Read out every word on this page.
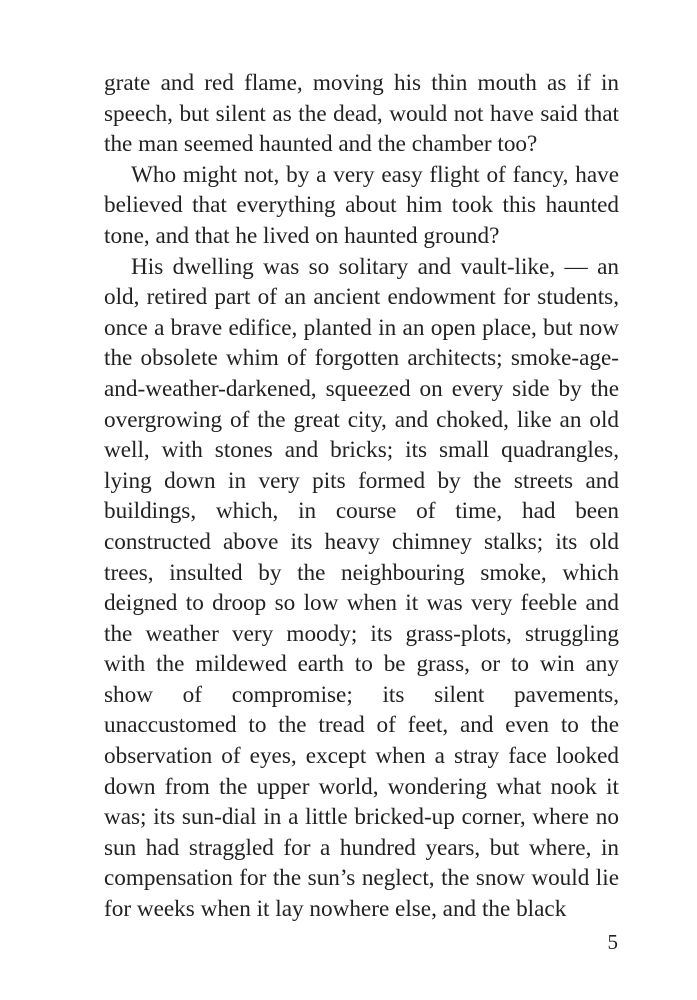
grate and red flame, moving his thin mouth as if in speech, but silent as the dead, would not have said that the man seemed haunted and the chamber too?

Who might not, by a very easy flight of fancy, have believed that everything about him took this haunted tone, and that he lived on haunted ground?

His dwelling was so solitary and vault-like, — an old, retired part of an ancient endowment for students, once a brave edifice, planted in an open place, but now the obsolete whim of forgotten architects; smoke-age-and-weather-darkened, squeezed on every side by the overgrowing of the great city, and choked, like an old well, with stones and bricks; its small quadrangles, lying down in very pits formed by the streets and buildings, which, in course of time, had been constructed above its heavy chimney stalks; its old trees, insulted by the neighbouring smoke, which deigned to droop so low when it was very feeble and the weather very moody; its grass-plots, struggling with the mildewed earth to be grass, or to win any show of compromise; its silent pavements, unaccustomed to the tread of feet, and even to the observation of eyes, except when a stray face looked down from the upper world, wondering what nook it was; its sun-dial in a little bricked-up corner, where no sun had straggled for a hundred years, but where, in compensation for the sun’s neglect, the snow would lie for weeks when it lay nowhere else, and the black

5
